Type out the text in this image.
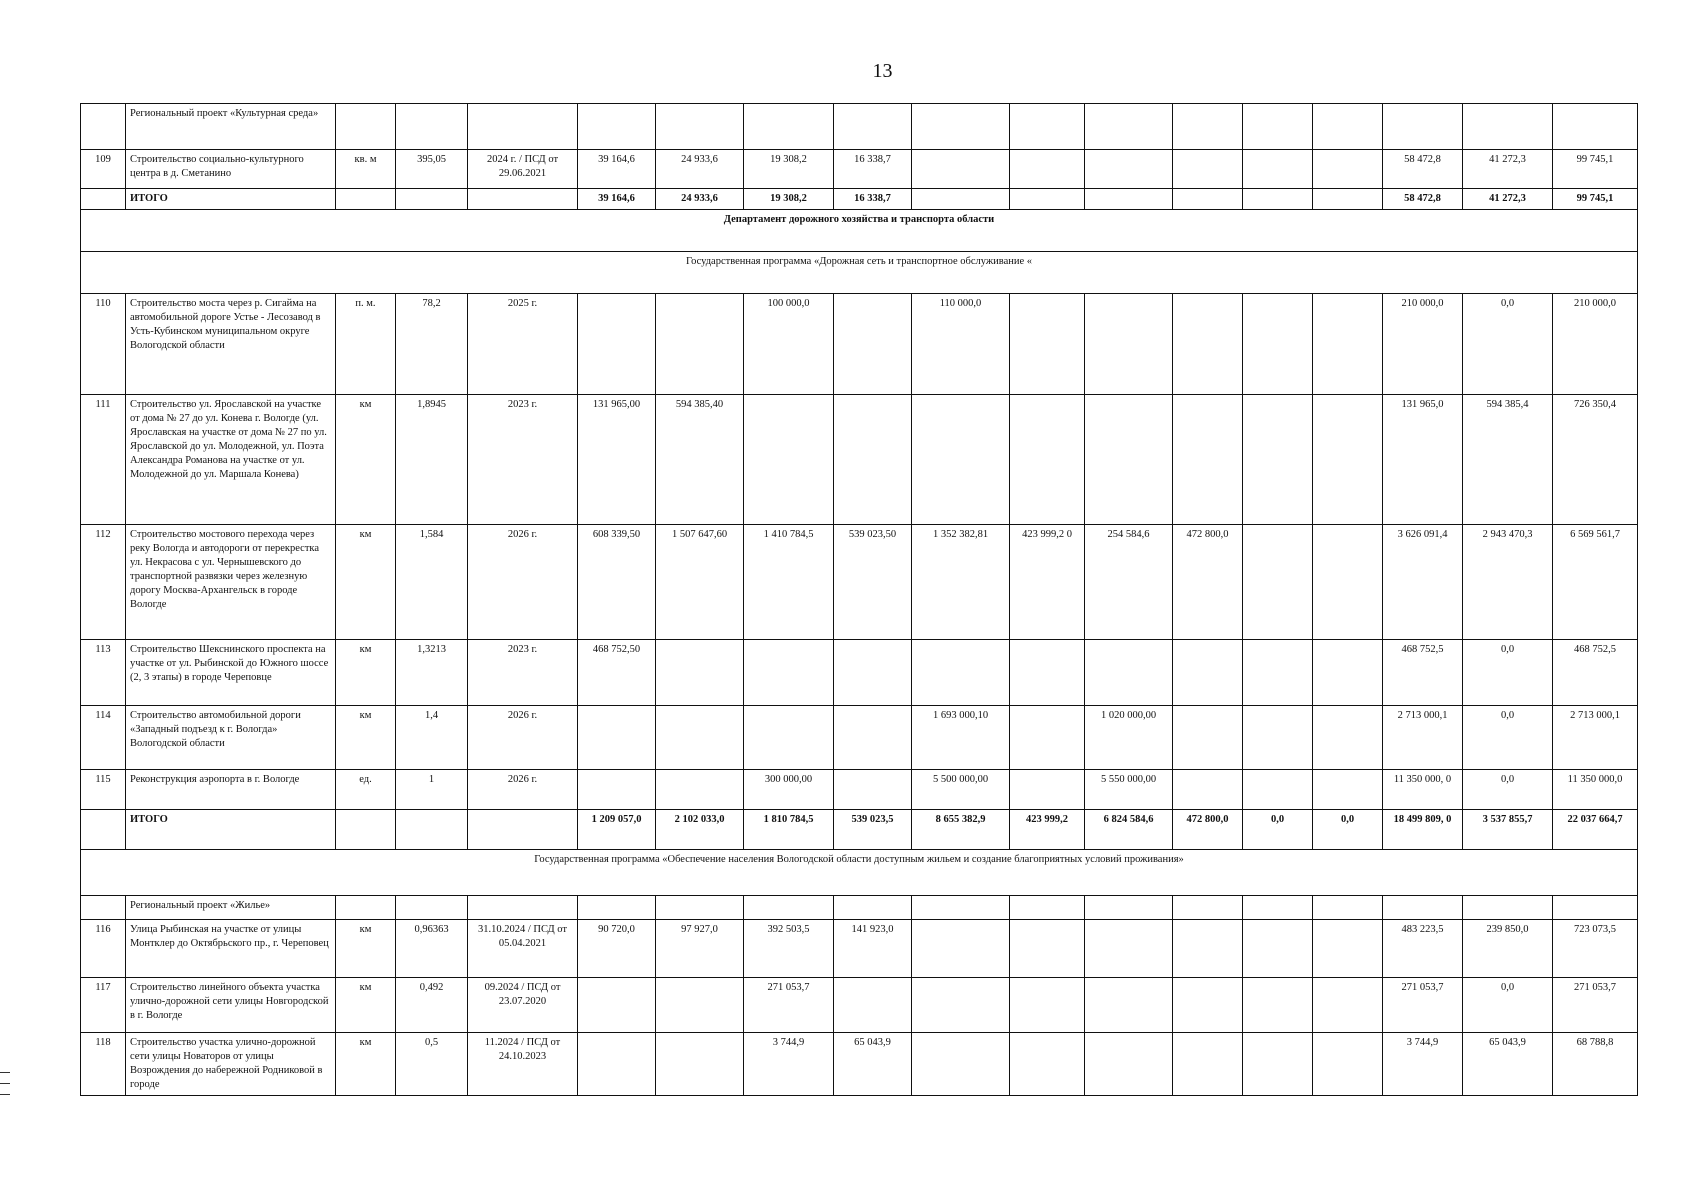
13
	Региональный проект «Культурная среда»																
109	Строительство социально-культурного центра в д. Сметанино	кв. м	395,05	2024 г. / ПСД от 29.06.2021	39 164,6	24 933,6	19 308,2	16 338,7							58 472,8	41 272,3	99 745,1
	ИТОГО				39 164,6	24 933,6	19 308,2	16 338,7							58 472,8	41 272,3	99 745,1
Департамент дорожного хозяйства и транспорта области																	
Государственная программа «Дорожная сеть и транспортное обслуживание «																	
110	Строительство моста через р. Сигайма на автомобильной дороге Устье - Лесозавод в Усть-Кубинском муниципальном округе Вологодской области	п. м.	78,2	2025 г.			100 000,0		110 000,0						210 000,0	0,0	210 000,0
111	Строительство ул. Ярославской на участке от дома № 27 до ул. Конева г. Вологде (ул. Ярославская на участке от дома № 27 по ул. Ярославской до ул. Молодежной, ул. Поэта Александра Романова на участке от ул. Молодежной до ул. Маршала Конева)	км	1,8945	2023 г.	131 965,00	594 385,40									131 965,0	594 385,4	726 350,4
112	Строительство мостового перехода через реку Вологда и автодороги от перекрестка ул. Некрасова с ул. Чернышевского до транспортной развязки через железную дорогу Москва-Архангельск в городе Вологде	км	1,584	2026 г.	608 339,50	1 507 647,60	1 410 784,5	539 023,50	1 352 382,81	423 999,2 0	254 584,6	472 800,0			3 626 091,4	2 943 470,3	6 569 561,7
113	Строительство Шекснинского проспекта на участке от ул. Рыбинской до Южного шоссе (2, 3 этапы) в городе Череповце	км	1,3213	2023 г.	468 752,50										468 752,5	0,0	468 752,5
114	Строительство автомобильной дороги «Западный подъезд к г. Вологда» Вологодской области	км	1,4	2026 г.					1 693 000,10		1 020 000,00				2 713 000,1	0,0	2 713 000,1
115	Реконструкция аэропорта в г. Вологде	ед.	1	2026 г.			300 000,00		5 500 000,00		5 550 000,00				11 350 000, 0	0,0	11 350 000,0
	ИТОГО				1 209 057,0	2 102 033,0	1 810 784,5	539 023,5	8 655 382,9	423 999,2	6 824 584,6	472 800,0	0,0	0,0	18 499 809, 0	3 537 855,7	22 037 664,7
Государственная программа «Обеспечение населения Вологодской области доступным жильем и создание благоприятных условий проживания»																	
	Региональный проект «Жилье»																
116	Улица Рыбинская на участке от улицы Монтклер до Октябрьского пр., г. Череповец	км	0,96363	31.10.2024 / ПСД от 05.04.2021	90 720,0	97 927,0	392 503,5	141 923,0							483 223,5	239 850,0	723 073,5
117	Строительство линейного объекта участка улично-дорожной сети улицы Новгородской в г. Вологде	км	0,492	09.2024 / ПСД от 23.07.2020			271 053,7								271 053,7	0,0	271 053,7
118	Строительство участка улично-дорожной сети улицы Новаторов от улицы Возрождения до набережной Родниковой в городе	км	0,5	11.2024 / ПСД от 24.10.2023			3 744,9	65 043,9							3 744,9	65 043,9	68 788,8
